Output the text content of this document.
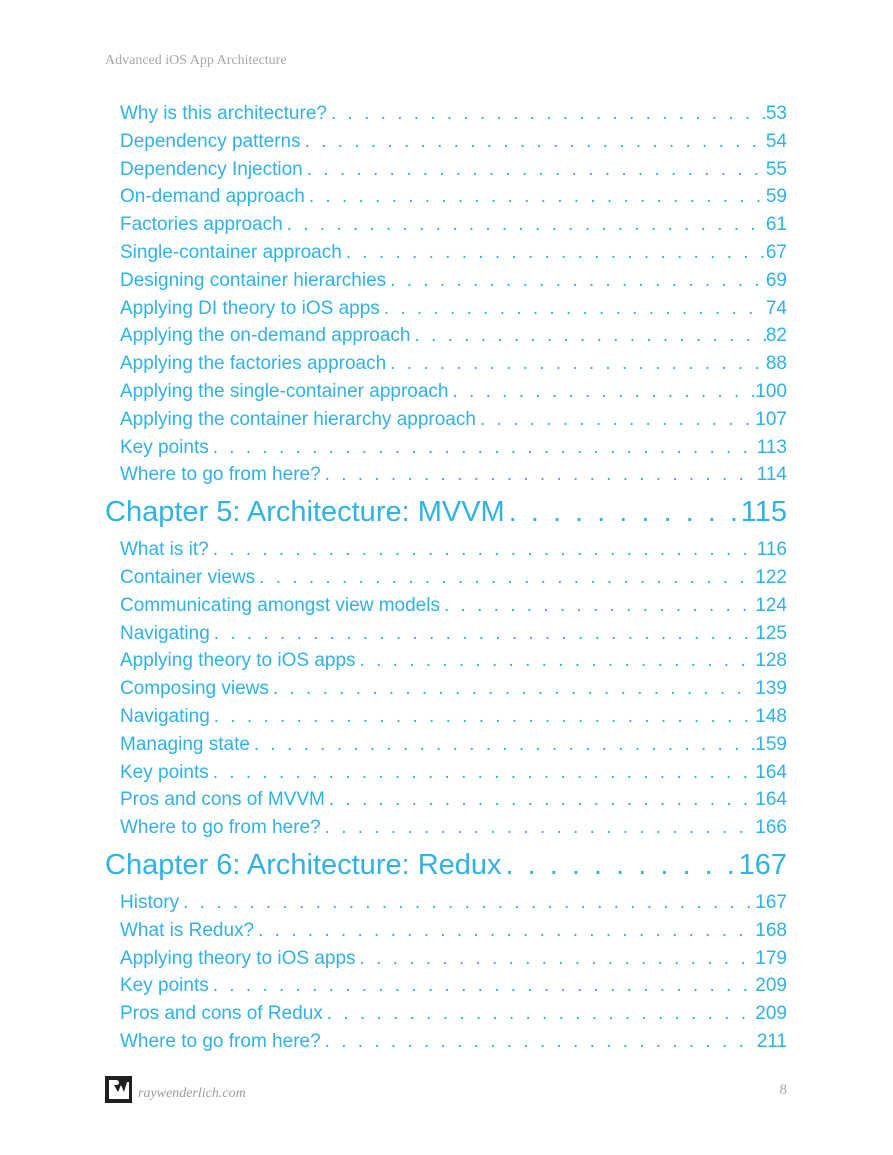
Advanced iOS App Architecture
Why is this architecture? . . .	53
Dependency patterns . . .	54
Dependency Injection . . .	55
On-demand approach . . .	59
Factories approach . . .	61
Single-container approach . . .	67
Designing container hierarchies . . .	69
Applying DI theory to iOS apps . . .	74
Applying the on-demand approach . . .	82
Applying the factories approach . . .	88
Applying the single-container approach . . .	100
Applying the container hierarchy approach . . .	107
Key points . . .	113
Where to go from here? . . .	114
Chapter 5: Architecture: MVVM . . .	115
What is it? . . .	116
Container views . . .	122
Communicating amongst view models . . .	124
Navigating . . .	125
Applying theory to iOS apps . . .	128
Composing views . . .	139
Navigating . . .	148
Managing state . . .	159
Key points . . .	164
Pros and cons of MVVM . . .	164
Where to go from here? . . .	166
Chapter 6: Architecture: Redux . . .	167
History . . .	167
What is Redux? . . .	168
Applying theory to iOS apps . . .	179
Key points . . .	209
Pros and cons of Redux . . .	209
Where to go from here? . . .	211
raywenderlich.com	8
